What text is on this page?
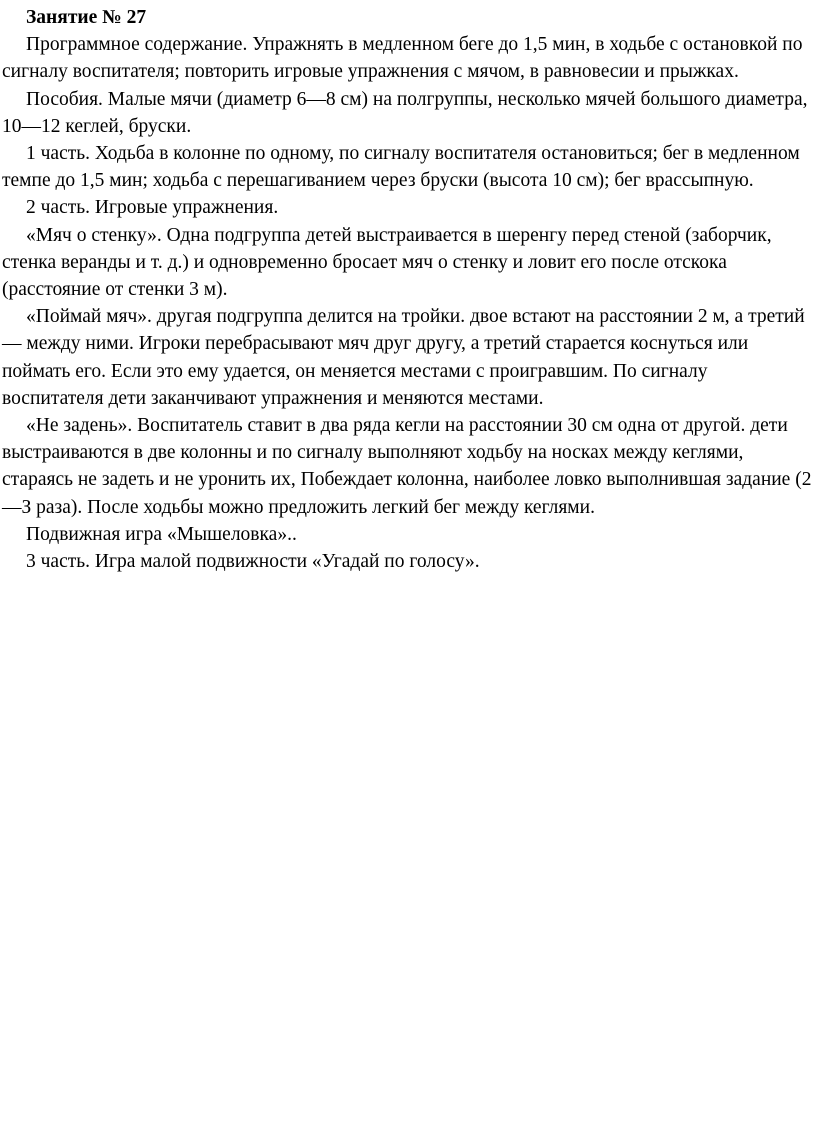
Занятие № 27

Программное содержание. Упражнять в медленном беге до 1,5 мин, в ходьбе с остановкой по сигналу воспитателя; повторить игровые упражнения с мячом, в равновесии и прыжках.

Пособия. Малые мячи (диаметр 6—8 см) на полгруппы, несколько мячей большого диаметра, 10—12 кеглей, бруски.

1 часть. Ходьба в колонне по одному, по сигналу воспитателя остановиться; бег в медленном темпе до 1,5 мин; ходьба с перешагиванием через бруски (высота 10 см); бег врассыпную.

2 часть. Игровые упражнения.

«Мяч о стенку». Одна подгруппа детей выстраивается в шеренгу перед стеной (заборчик, стенка веранды и т. д.) и одновременно бросает мяч о стенку и ловит его после отскока (расстояние от стенки 3 м).

«Поймай мяч». другая подгруппа делится на тройки. двое встают на расстоянии 2 м, а третий — между ними. Игроки перебрасывают мяч друг другу, а третий старается коснуться или поймать его. Если это ему удается, он меняется местами с проигравшим. По сигналу воспитателя дети заканчивают упражнения и меняются местами.

«Не задень». Воспитатель ставит в два ряда кегли на расстоянии 30 см одна от другой. дети выстраиваются в две колонны и по сигналу выполняют ходьбу на носках между кеглями, стараясь не задеть и не уронить их, Побеждает колонна, наиболее ловко выполнившая задание (2—З раза). После ходьбы можно предложить легкий бег между кеглями.

Подвижная игра «Мышеловка»..

3 часть. Игра малой подвижности «Угадай по голосу».
